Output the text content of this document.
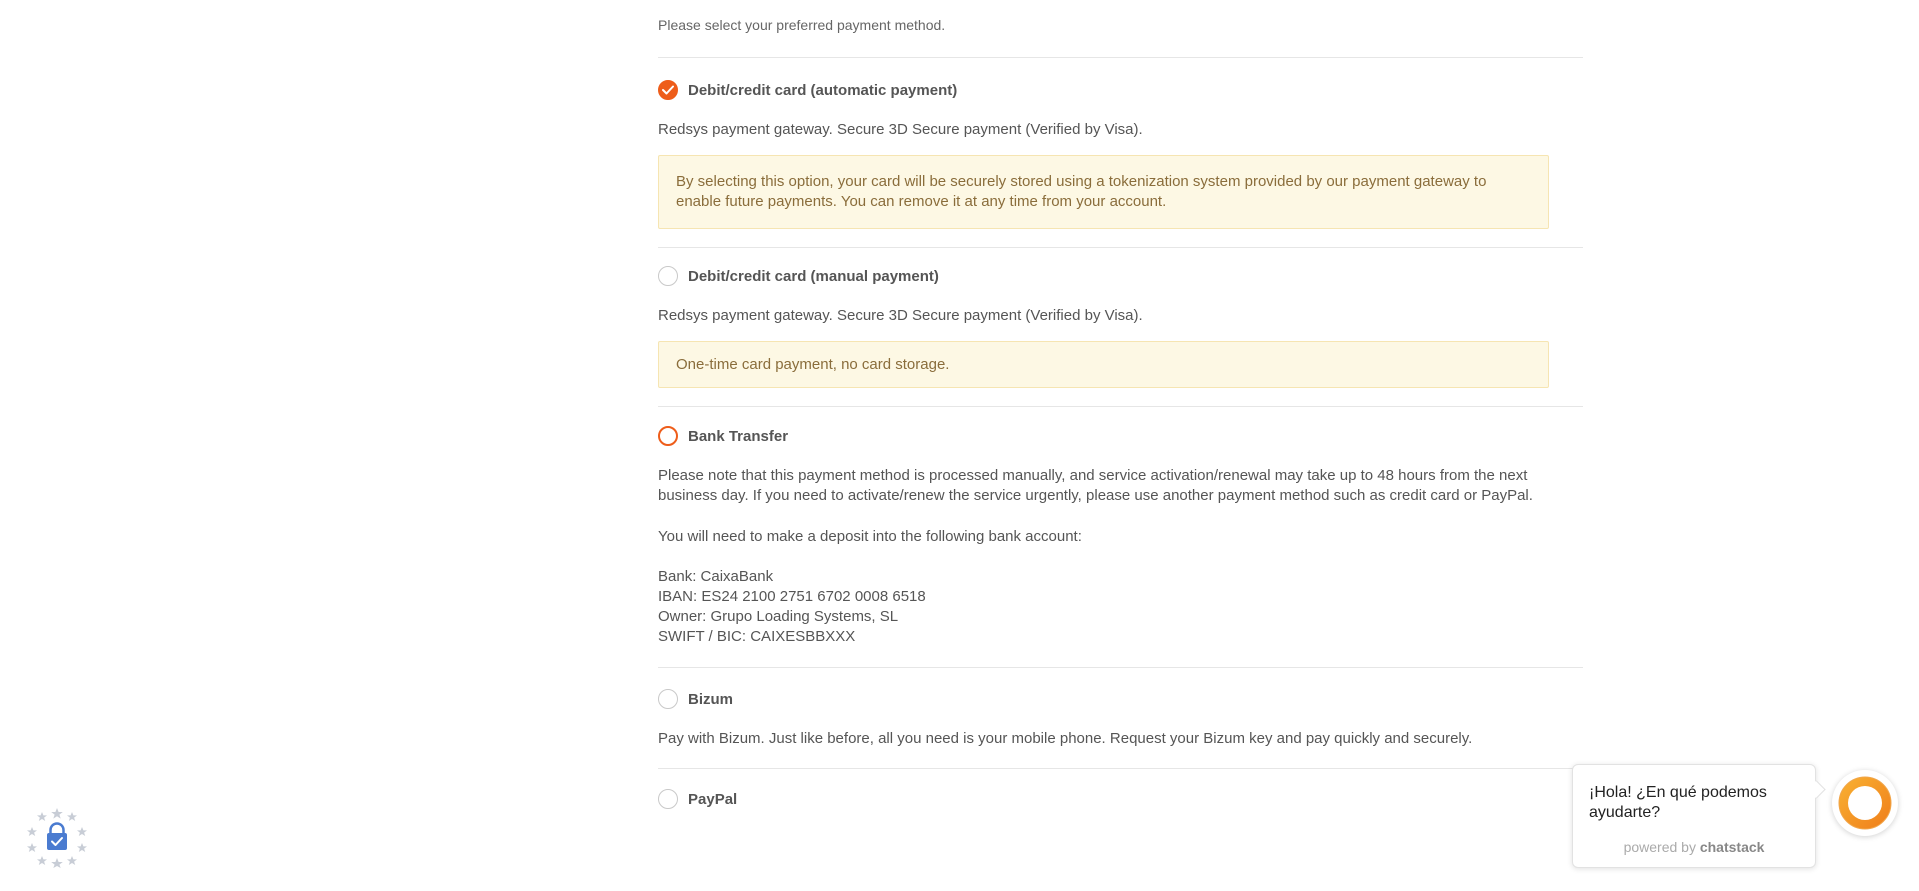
Please select your preferred payment method.
Debit/credit card (automatic payment)
Redsys payment gateway. Secure 3D Secure payment (Verified by Visa).
By selecting this option, your card will be securely stored using a tokenization system provided by our payment gateway to enable future payments. You can remove it at any time from your account.
Debit/credit card (manual payment)
Redsys payment gateway. Secure 3D Secure payment (Verified by Visa).
One-time card payment, no card storage.
Bank Transfer
Please note that this payment method is processed manually, and service activation/renewal may take up to 48 hours from the next business day. If you need to activate/renew the service urgently, please use another payment method such as credit card or PayPal.
You will need to make a deposit into the following bank account:
Bank: CaixaBank
IBAN: ES24 2100 2751 6702 0008 6518
Owner: Grupo Loading Systems, SL
SWIFT / BIC: CAIXESBBXXX
Bizum
Pay with Bizum. Just like before, all you need is your mobile phone. Request your Bizum key and pay quickly and securely.
PayPal	¡Hola! ¿En qué podemos ayudarte?
powered by chatstack
